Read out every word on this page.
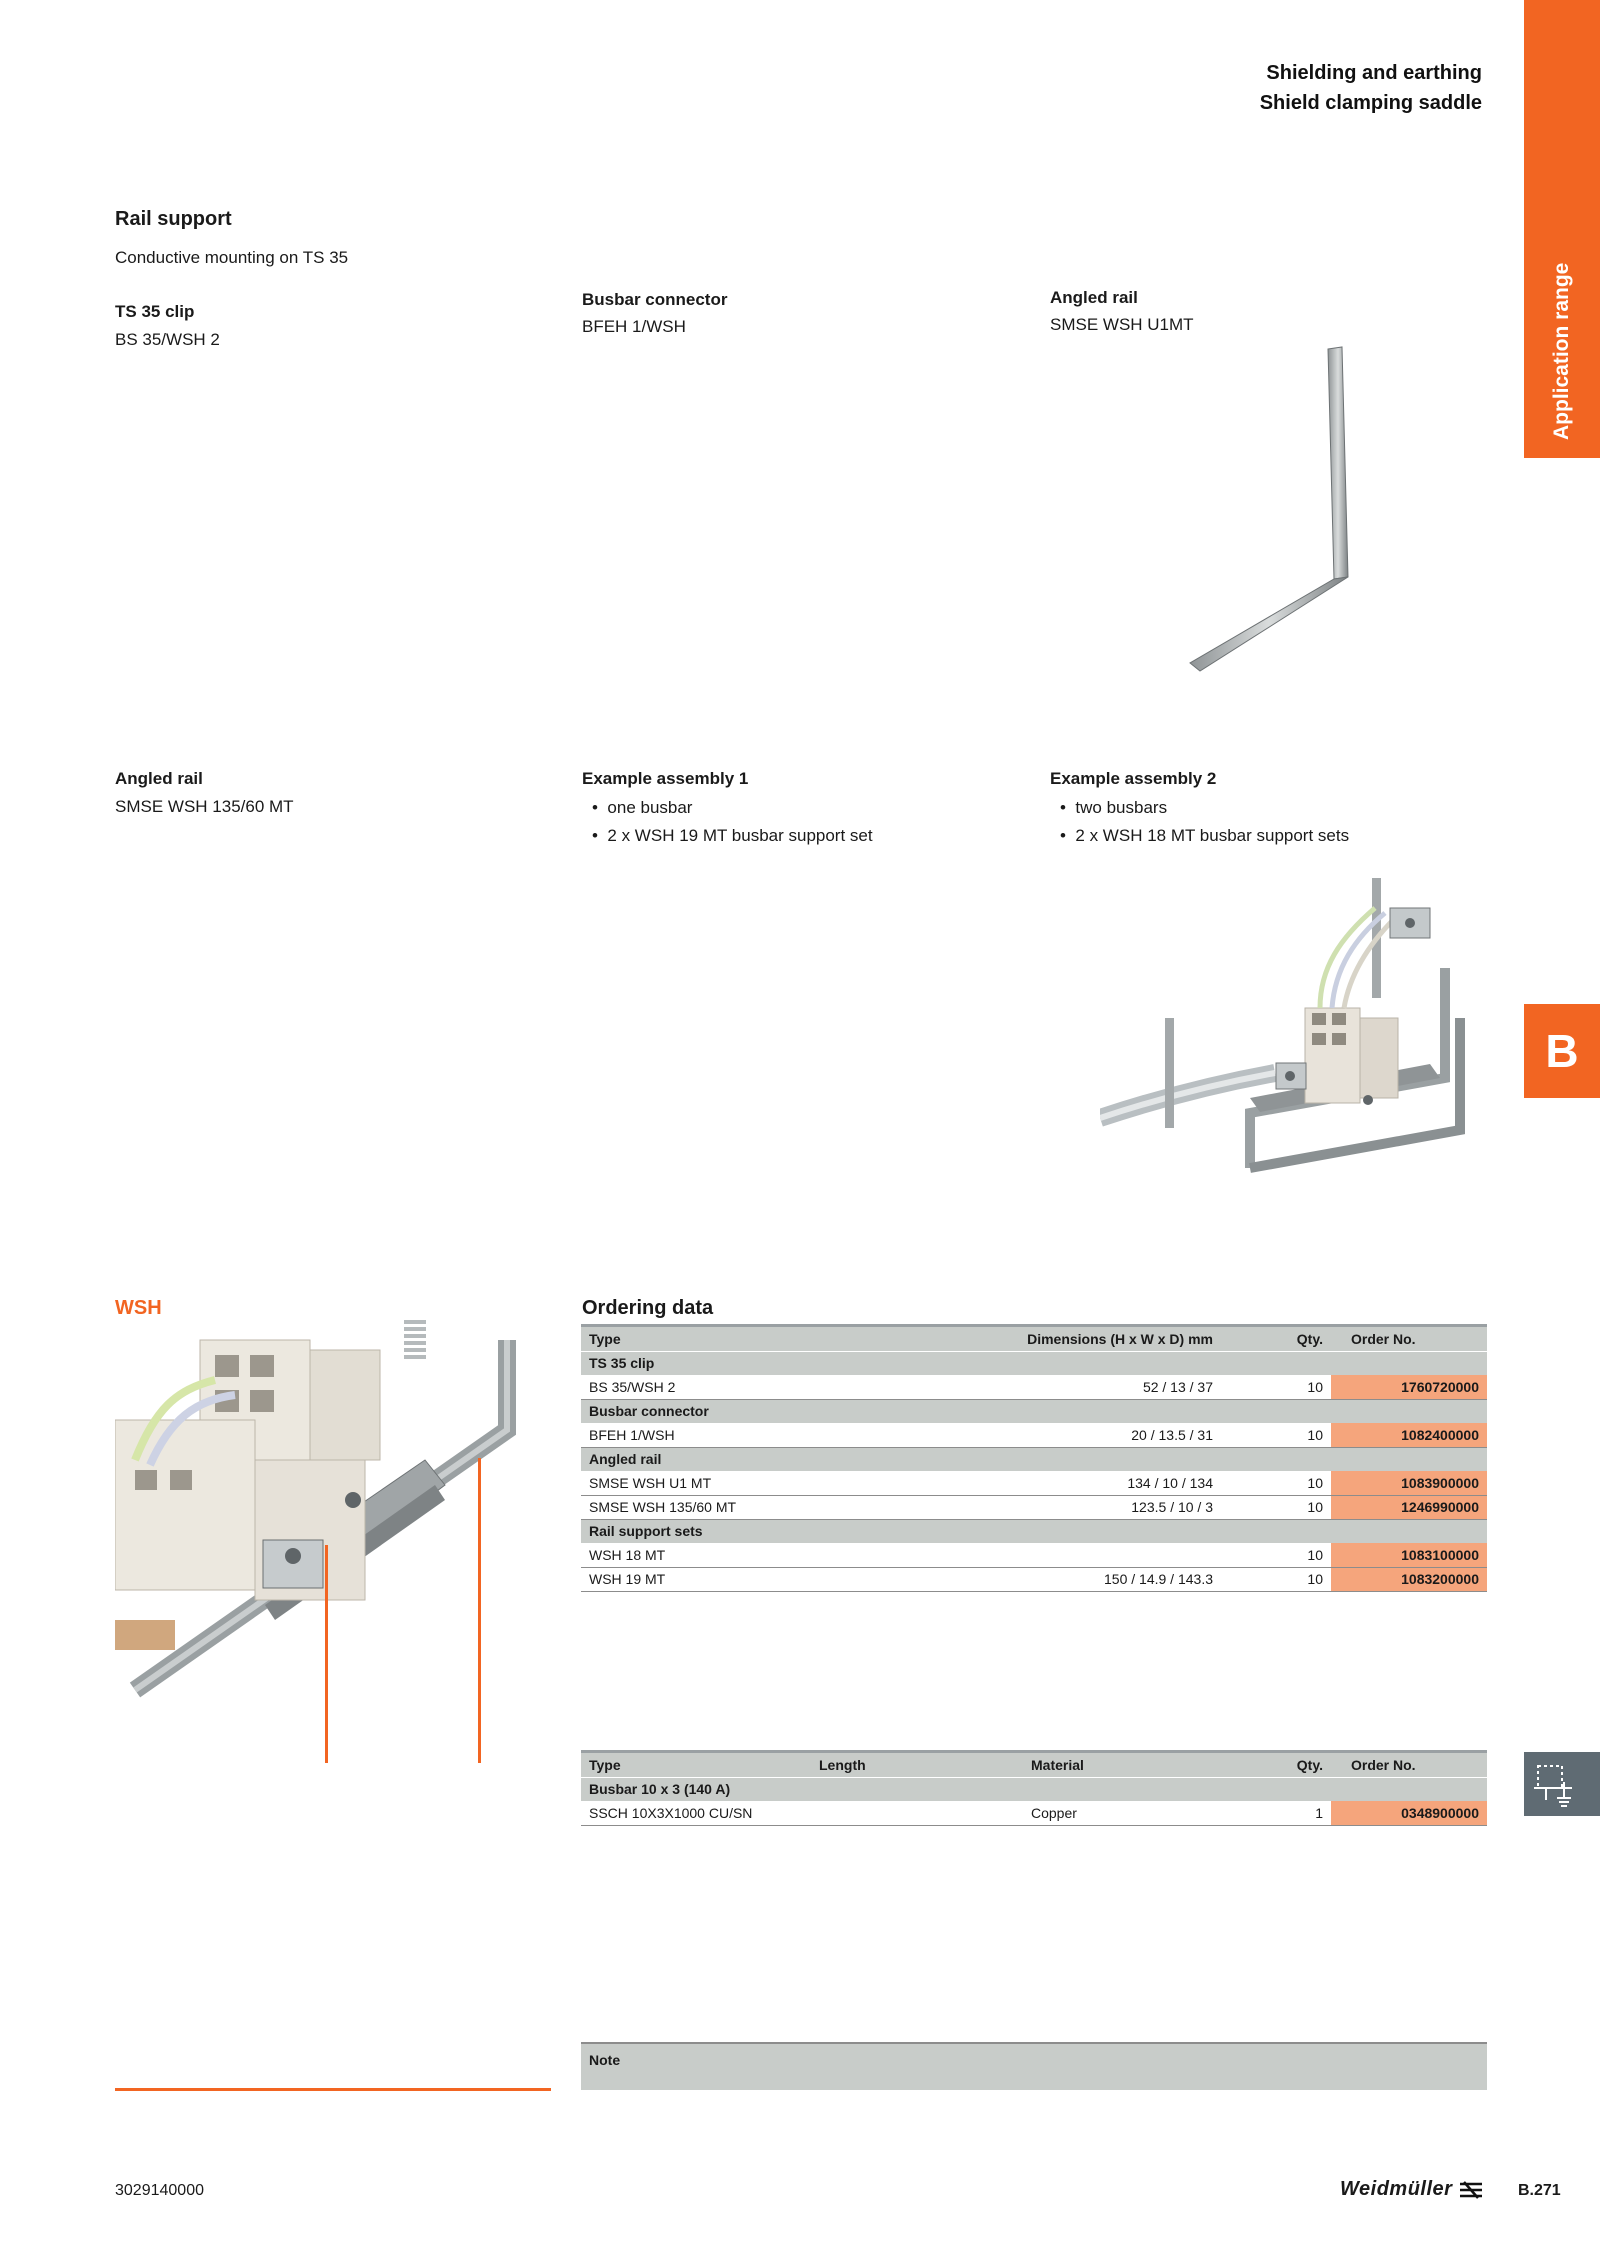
Shielding and earthing
Shield clamping saddle
Application range
B
Rail support
Conductive mounting on TS 35
TS 35 clip
BS 35/WSH 2
Busbar connector
BFEH 1/WSH
Angled rail
SMSE WSH U1MT
Angled rail
SMSE WSH 135/60 MT
Example assembly 1
•  one busbar
•  2 x WSH 19 MT busbar support set
Example assembly 2
•  two busbars
•  2 x WSH 18 MT busbar support sets
WSH	Ordering data
Type	Dimensions (H x W x D) mm	Qty.	Order No.
TS 35 clip			
BS 35/WSH 2	52 / 13 / 37	10	1760720000
Busbar connector			
BFEH 1/WSH	20 / 13.5 / 31	10	1082400000
Angled rail			
SMSE WSH U1 MT	134 / 10 / 134	10	1083900000
SMSE WSH 135/60 MT	123.5 / 10 / 3	10	1246990000
Rail support sets			
WSH 18 MT		10	1083100000
WSH 19 MT	150 / 14.9 / 143.3	10	1083200000
Type	Length	Material	Qty.	Order No.
Busbar 10 x 3 (140 A)				
SSCH 10X3X1000 CU/SN		Copper	1	0348900000
Note
3029140000	Weidmüller	B.271
